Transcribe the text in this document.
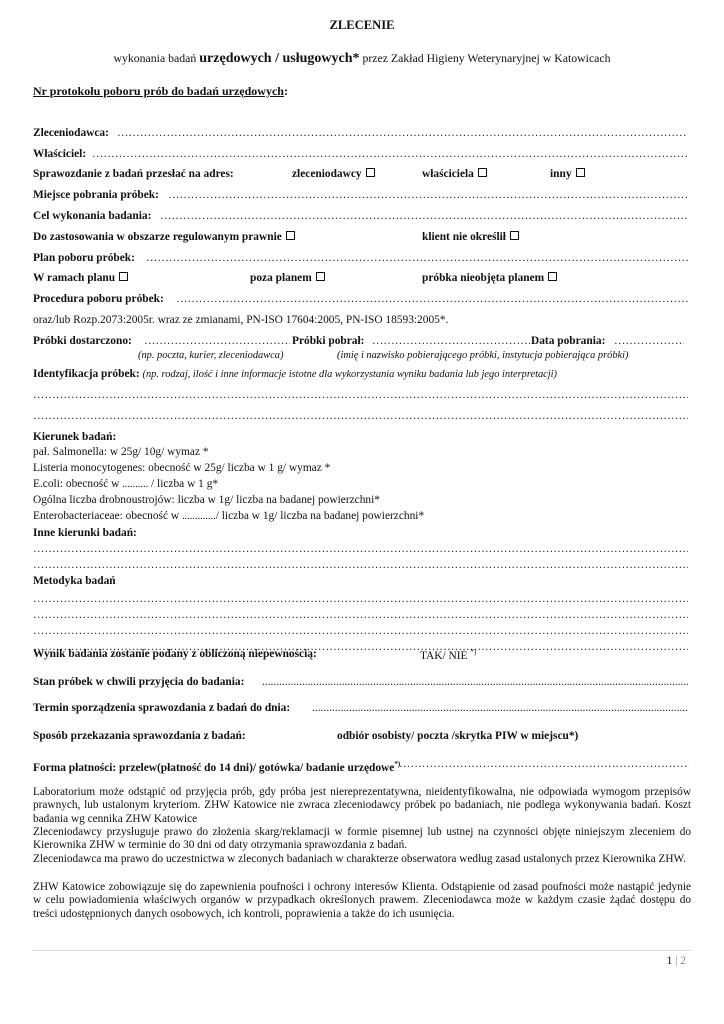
ZLECENIE
wykonania badań urzędowych / usługowych* przez Zakład Higieny Weterynaryjnej w Katowicach
Nr protokołu poboru prób do badań urzędowych:
Zleceniodawca:
…………………………………………………………………………………………………………………………………………………………………………………………………………………………………………………………………………………………
Właściciel:
…………………………………………………………………………………………………………………………………………………………………………………………………………………………………………………………………………………………
Sprawozdanie z badań przesłać na adres:	zleceniodawcy	właściciela	inny
Miejsce pobrania próbek:
…………………………………………………………………………………………………………………………………………………………………………………………………………………………………………………………………………………………
Cel wykonania badania:
…………………………………………………………………………………………………………………………………………………………………………………………………………………………………………………………………………………………
Do zastosowania w obszarze regulowanym prawnie	klient nie określił
Plan poboru próbek:
…………………………………………………………………………………………………………………………………………………………………………………………………………………………………………………………………………………………
W ramach planu	poza planem	próbka nieobjęta planem
Procedura poboru próbek:
…………………………………………………………………………………………………………………………………………………………………………………………………………………………………………………………………………………………
oraz/lub Rozp.2073:2005r. wraz ze zmianami, PN-ISO 17604:2005, PN-ISO 18593:2005*.
Próbki dostarczono: …………………………………………………………………………………………………………………………………………………………………………………………………………………………………………………………………………………………	Próbki pobrał: …………………………………………………………………………………………………………………………………………………………………………………………………………………………………………………………………………………………	Data pobrania:
…………………………………………………………………………………………………………………………………………………………………………………………………………………………………………………………………………………………
(np. poczta, kurier, zleceniodawca)	(imię i nazwisko pobierającego próbki, instytucja pobierająca próbki)
Identyfikacja próbek: (np. rodzaj, ilość i inne informacje istotne dla wykorzystania wyniku badania lub jego interpretacji)
…………………………………………………………………………………………………………………………………………………………………………………………………………………………………………………………………………………………
…………………………………………………………………………………………………………………………………………………………………………………………………………………………………………………………………………………………
Kierunek badań:
pał. Salmonella: w 25g/ 10g/ wymaz *
Listeria monocytogenes: obecność w 25g/ liczba w 1 g/ wymaz *
E.coli: obecność w .......... / liczba w 1 g*
Ogólna liczba drobnoustrojów: liczba w 1g/ liczba na badanej powierzchni*
Enterobacteriaceae: obecność w ............./ liczba w 1g/ liczba na badanej powierzchni*
Inne kierunki badań:
…………………………………………………………………………………………………………………………………………………………………………………………………………………………………………………………………………………………
…………………………………………………………………………………………………………………………………………………………………………………………………………………………………………………………………………………………
Metodyka badań
…………………………………………………………………………………………………………………………………………………………………………………………………………………………………………………………………………………………
…………………………………………………………………………………………………………………………………………………………………………………………………………………………………………………………………………………………
…………………………………………………………………………………………………………………………………………………………………………………………………………………………………………………………………………………………
…………………………………………………………………………………………………………………………………………………………………………………………………………………………………………………………………………………………
Wynik badania zostanie podany z obliczoną niepewnością:	TAK/ NIE *)
Stan próbek w chwili przyjęcia do badania:
.....
Termin sporządzenia sprawozdania z badań do dnia:
.....
Sposób przekazania sprawozdania z badań:	odbiór osobisty/ poczta /skrytka PIW w miejscu*)
Forma płatności: przelew(płatność do 14 dni)/ gotówka/ badanie urzędowe*)
…………………………………………………………………………………………………………………………………………………………………………………………………………………………………………………………………………………………
Laboratorium może odstąpić od przyjęcia prób, gdy próba jest niereprezentatywna, nieidentyfikowalna, nie odpowiada wymogom przepisów prawnych, lub ustalonym kryteriom. ZHW Katowice nie zwraca zleceniodawcy próbek po badaniach, nie podlega wykonywania badań. Koszt badania wg cennika ZHW Katowice
Zleceniodawcy przysługuje prawo do złożenia skarg/reklamacji w formie pisemnej lub ustnej na czynności objęte niniejszym zleceniem do Kierownika ZHW w terminie do 30 dni od daty otrzymania sprawozdania z badań.
Zleceniodawca ma prawo do uczestnictwa w zleconych badaniach w charakterze obserwatora według zasad ustalonych przez Kierownika ZHW.
ZHW Katowice zobowiązuje się do zapewnienia poufności i ochrony interesów Klienta. Odstąpienie od zasad poufności może nastąpić jedynie w celu powiadomienia właściwych organów w przypadkach określonych prawem. Zleceniodawca może w każdym czasie żądać dostępu do treści udostępnionych danych osobowych, ich kontroli, poprawienia a także do ich usunięcia.
1 | 2
